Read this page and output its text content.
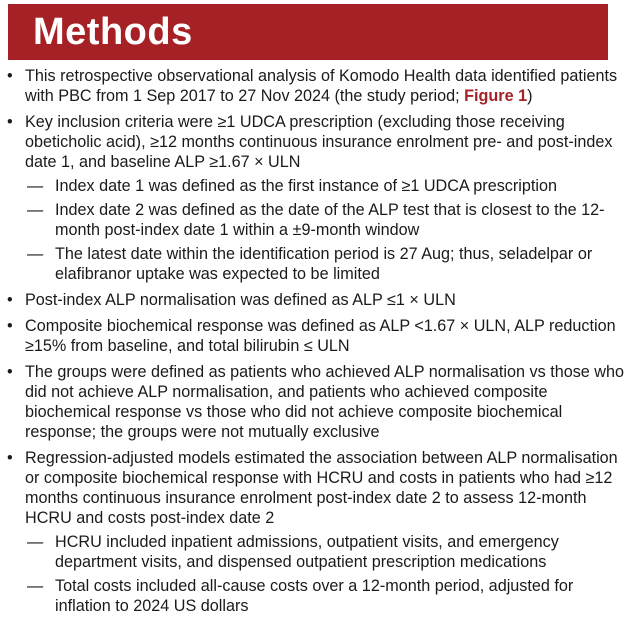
Methods
• This retrospective observational analysis of Komodo Health data identified patients with PBC from 1 Sep 2017 to 27 Nov 2024 (the study period; Figure 1)
• Key inclusion criteria were ≥1 UDCA prescription (excluding those receiving obeticholic acid), ≥12 months continuous insurance enrolment pre- and post-index date 1, and baseline ALP ≥1.67 × ULN
— Index date 1 was defined as the first instance of ≥1 UDCA prescription
— Index date 2 was defined as the date of the ALP test that is closest to the 12-month post-index date 1 within a ±9-month window
— The latest date within the identification period is 27 Aug; thus, seladelpar or elafibranor uptake was expected to be limited
• Post-index ALP normalisation was defined as ALP ≤1 × ULN
• Composite biochemical response was defined as ALP <1.67 × ULN, ALP reduction ≥15% from baseline, and total bilirubin ≤ ULN
• The groups were defined as patients who achieved ALP normalisation vs those who did not achieve ALP normalisation, and patients who achieved composite biochemical response vs those who did not achieve composite biochemical response; the groups were not mutually exclusive
• Regression-adjusted models estimated the association between ALP normalisation or composite biochemical response with HCRU and costs in patients who had ≥12 months continuous insurance enrolment post-index date 2 to assess 12-month HCRU and costs post-index date 2
— HCRU included inpatient admissions, outpatient visits, and emergency department visits, and dispensed outpatient prescription medications
— Total costs included all-cause costs over a 12-month period, adjusted for inflation to 2024 US dollars
